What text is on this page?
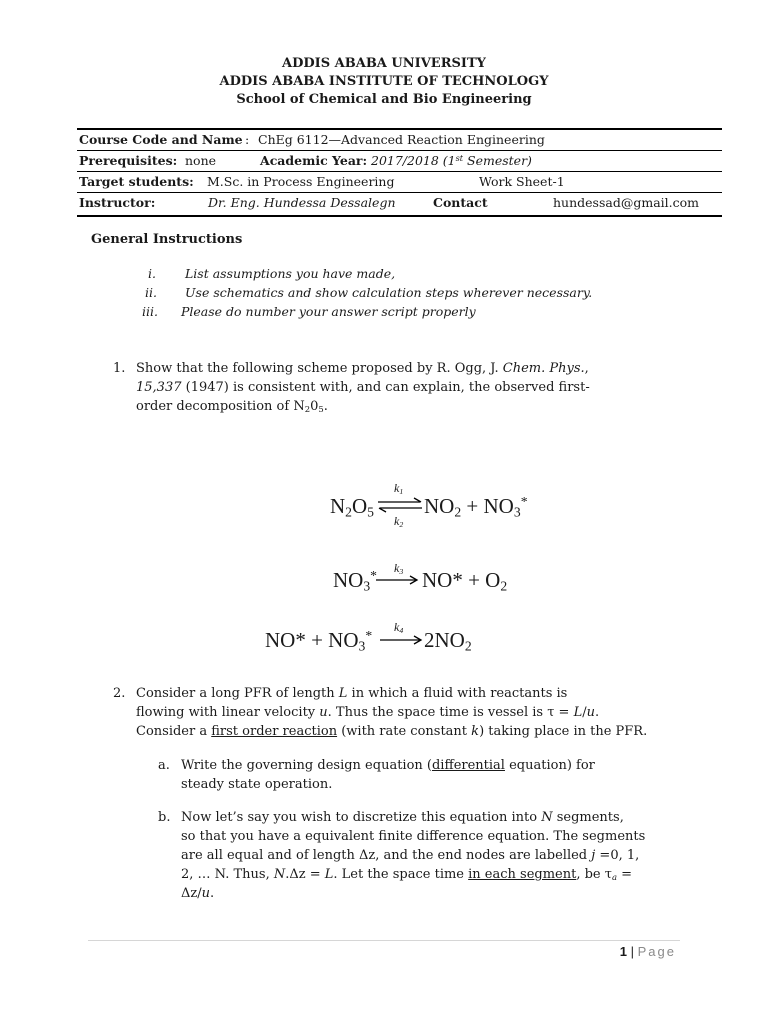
ADDIS ABABA UNIVERSITY
ADDIS ABABA INSTITUTE OF TECHNOLOGY
School of Chemical and Bio Engineering
Course Code and Name : ChEg 6112—Advanced Reaction Engineering
Prerequisites: none	Academic Year: 2017/2018 (1st Semester)
Target students: M.Sc. in Process Engineering	Work Sheet-1
Instructor:	Dr. Eng. Hundessa Dessalegn	Contact	hundessad@gmail.com
General Instructions
i. List assumptions you have made,
ii. Use schematics and show calculation steps wherever necessary.
iii. Please do number your answer script properly
1. Show that the following scheme proposed by R. Ogg, J. Chem. Phys.,
15,337 (1947) is consistent with, and can explain, the observed first-
order decomposition of $N_20_5$.
$N_2O_5$ ⇌
$k_1$
$k_2$
$NO_2 + NO_3^*$
$NO_3^*$
$k_3$ $NO* + O_2$
$NO* + NO_3^*$
$k_4$ $2NO_2$
2. Consider a long PFR of length L in which a fluid with reactants is
flowing with linear velocity u. Thus the space time is vessel is τ = L/u.
Consider a first order reaction (with rate constant k) taking place in the PFR.
a. Write the governing design equation (differential equation) for
steady state operation.
b. Now let’s say you wish to discretize this equation into N segments,
so that you have a equivalent finite difference equation. The segments
are all equal and of length Δz, and the end nodes are labelled j =0, 1,
2, … N. Thus, N.Δz = L. Let the space time in each segment, be $\tau_a$ =
Δz/u.
1 | Page
